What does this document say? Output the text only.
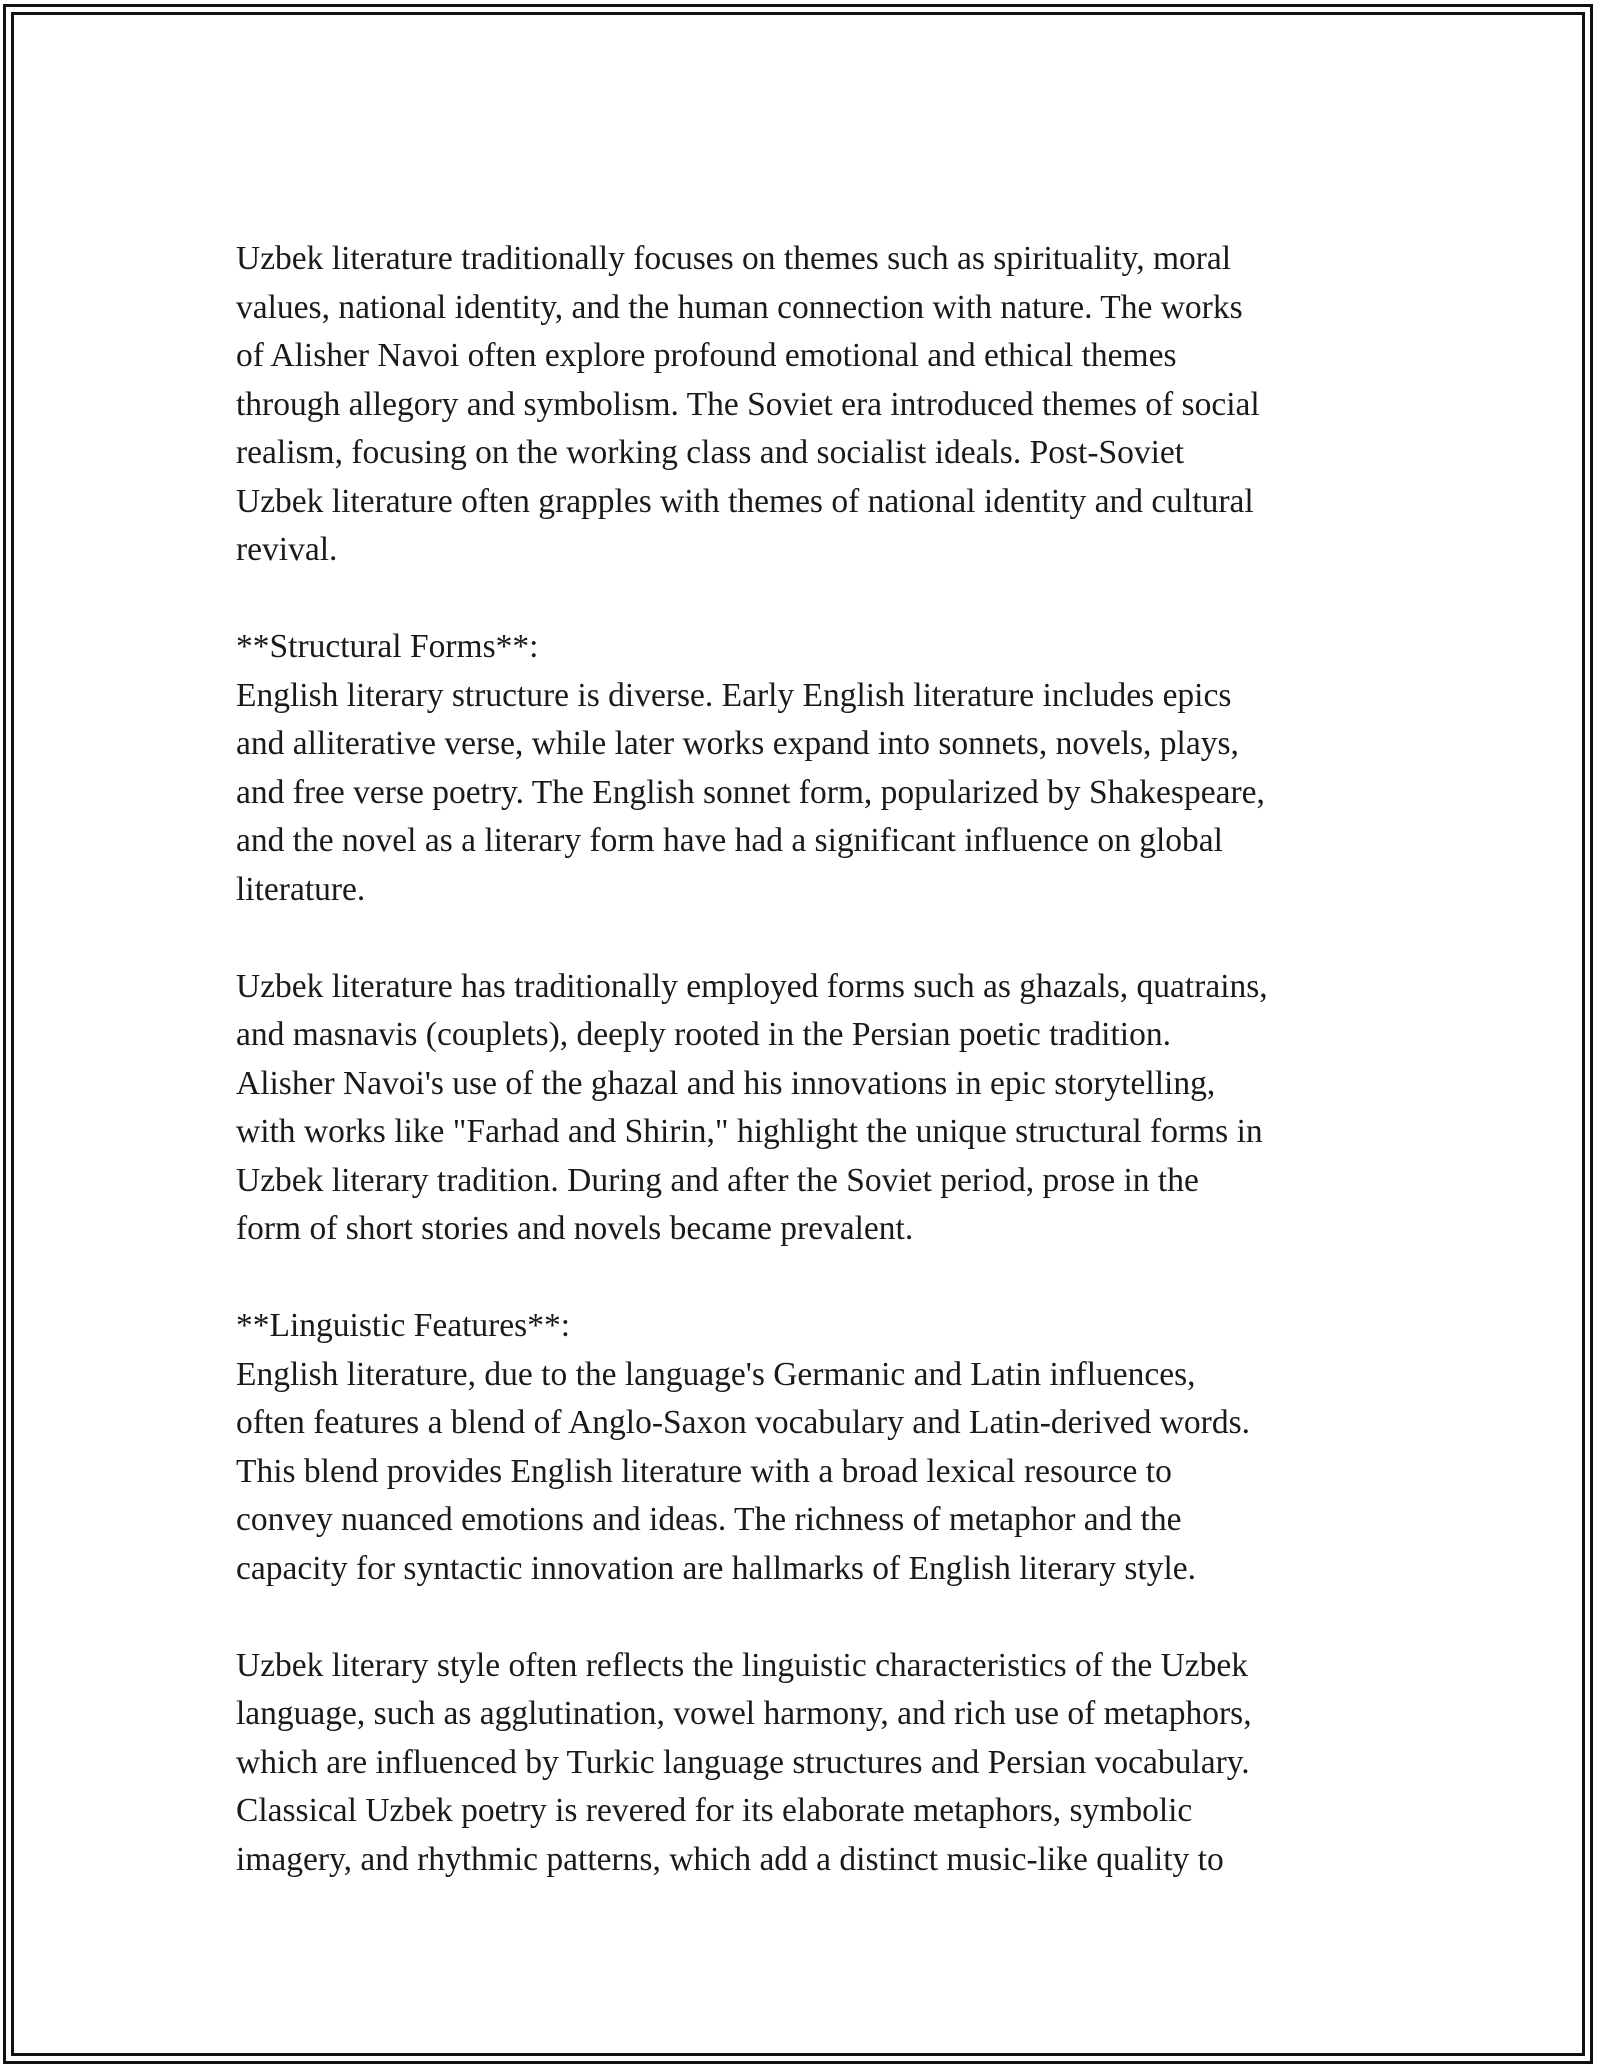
Uzbek literature traditionally focuses on themes such as spirituality, moral
values, national identity, and the human connection with nature. The works
of Alisher Navoi often explore profound emotional and ethical themes
through allegory and symbolism. The Soviet era introduced themes of social
realism, focusing on the working class and socialist ideals. Post-Soviet
Uzbek literature often grapples with themes of national identity and cultural
revival.

**Structural Forms**:

English literary structure is diverse. Early English literature includes epics
and alliterative verse, while later works expand into sonnets, novels, plays,
and free verse poetry. The English sonnet form, popularized by Shakespeare,
and the novel as a literary form have had a significant influence on global
literature.

Uzbek literature has traditionally employed forms such as ghazals, quatrains,
and masnavis (couplets), deeply rooted in the Persian poetic tradition.
Alisher Navoi's use of the ghazal and his innovations in epic storytelling,
with works like "Farhad and Shirin," highlight the unique structural forms in
Uzbek literary tradition. During and after the Soviet period, prose in the
form of short stories and novels became prevalent.

**Linguistic Features**:

English literature, due to the language's Germanic and Latin influences,
often features a blend of Anglo-Saxon vocabulary and Latin-derived words.
This blend provides English literature with a broad lexical resource to
convey nuanced emotions and ideas. The richness of metaphor and the
capacity for syntactic innovation are hallmarks of English literary style.

Uzbek literary style often reflects the linguistic characteristics of the Uzbek
language, such as agglutination, vowel harmony, and rich use of metaphors,
which are influenced by Turkic language structures and Persian vocabulary.
Classical Uzbek poetry is revered for its elaborate metaphors, symbolic
imagery, and rhythmic patterns, which add a distinct music-like quality to
